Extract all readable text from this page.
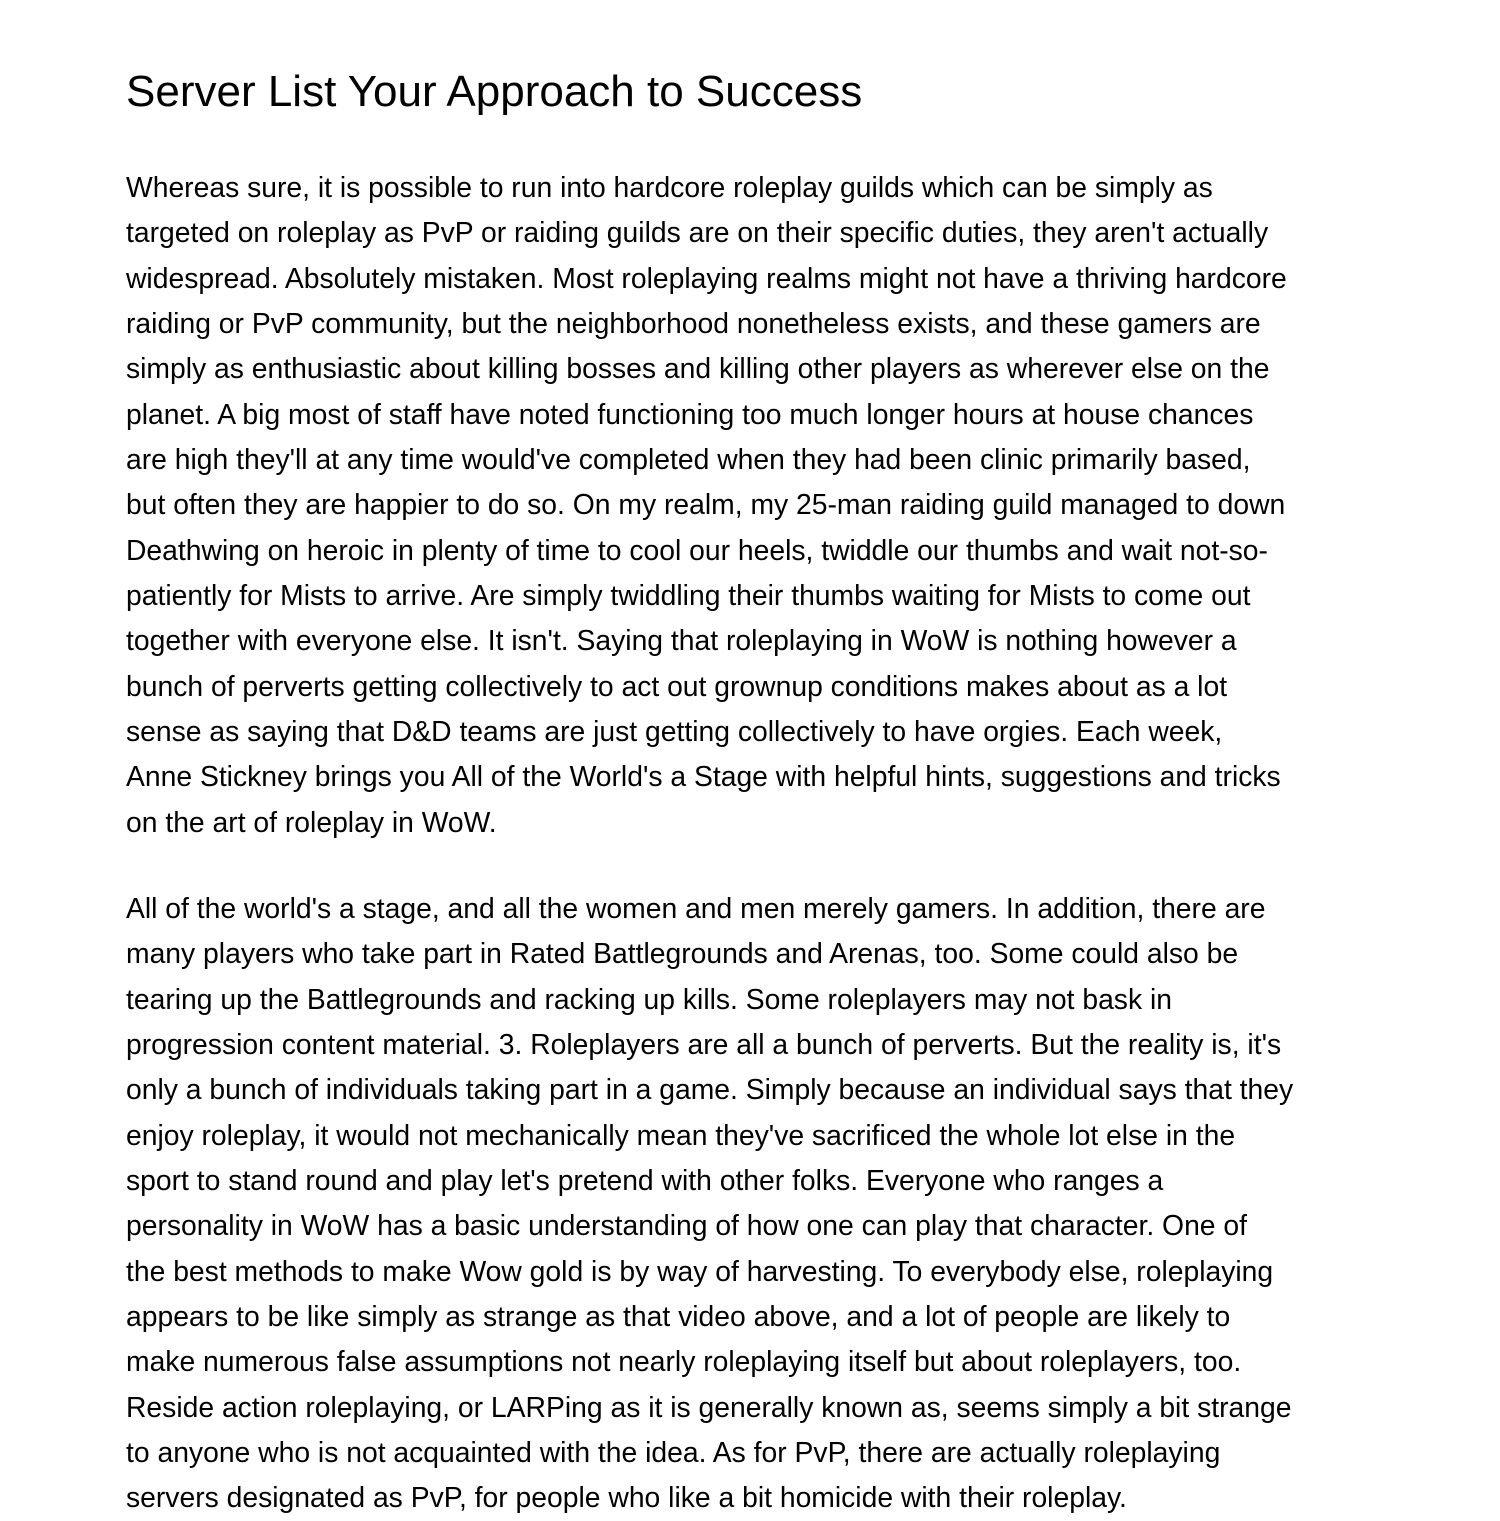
Server List Your Approach to Success
Whereas sure, it is possible to run into hardcore roleplay guilds which can be simply as
targeted on roleplay as PvP or raiding guilds are on their specific duties, they aren't actually
widespread. Absolutely mistaken. Most roleplaying realms might not have a thriving hardcore
raiding or PvP community, but the neighborhood nonetheless exists, and these gamers are
simply as enthusiastic about killing bosses and killing other players as wherever else on the
planet. A big most of staff have noted functioning too much longer hours at house chances
are high they'll at any time would've completed when they had been clinic primarily based,
but often they are happier to do so. On my realm, my 25-man raiding guild managed to down
Deathwing on heroic in plenty of time to cool our heels, twiddle our thumbs and wait not-so-
patiently for Mists to arrive. Are simply twiddling their thumbs waiting for Mists to come out
together with everyone else. It isn't. Saying that roleplaying in WoW is nothing however a
bunch of perverts getting collectively to act out grownup conditions makes about as a lot
sense as saying that D&D teams are just getting collectively to have orgies. Each week,
Anne Stickney brings you All of the World's a Stage with helpful hints, suggestions and tricks
on the art of roleplay in WoW.
All of the world's a stage, and all the women and men merely gamers. In addition, there are
many players who take part in Rated Battlegrounds and Arenas, too. Some could also be
tearing up the Battlegrounds and racking up kills. Some roleplayers may not bask in
progression content material. 3. Roleplayers are all a bunch of perverts. But the reality is, it's
only a bunch of individuals taking part in a game. Simply because an individual says that they
enjoy roleplay, it would not mechanically mean they've sacrificed the whole lot else in the
sport to stand round and play let's pretend with other folks. Everyone who ranges a
personality in WoW has a basic understanding of how one can play that character. One of
the best methods to make Wow gold is by way of harvesting. To everybody else, roleplaying
appears to be like simply as strange as that video above, and a lot of people are likely to
make numerous false assumptions not nearly roleplaying itself but about roleplayers, too.
Reside action roleplaying, or LARPing as it is generally known as, seems simply a bit strange
to anyone who is not acquainted with the idea. As for PvP, there are actually roleplaying
servers designated as PvP, for people who like a bit homicide with their roleplay.
